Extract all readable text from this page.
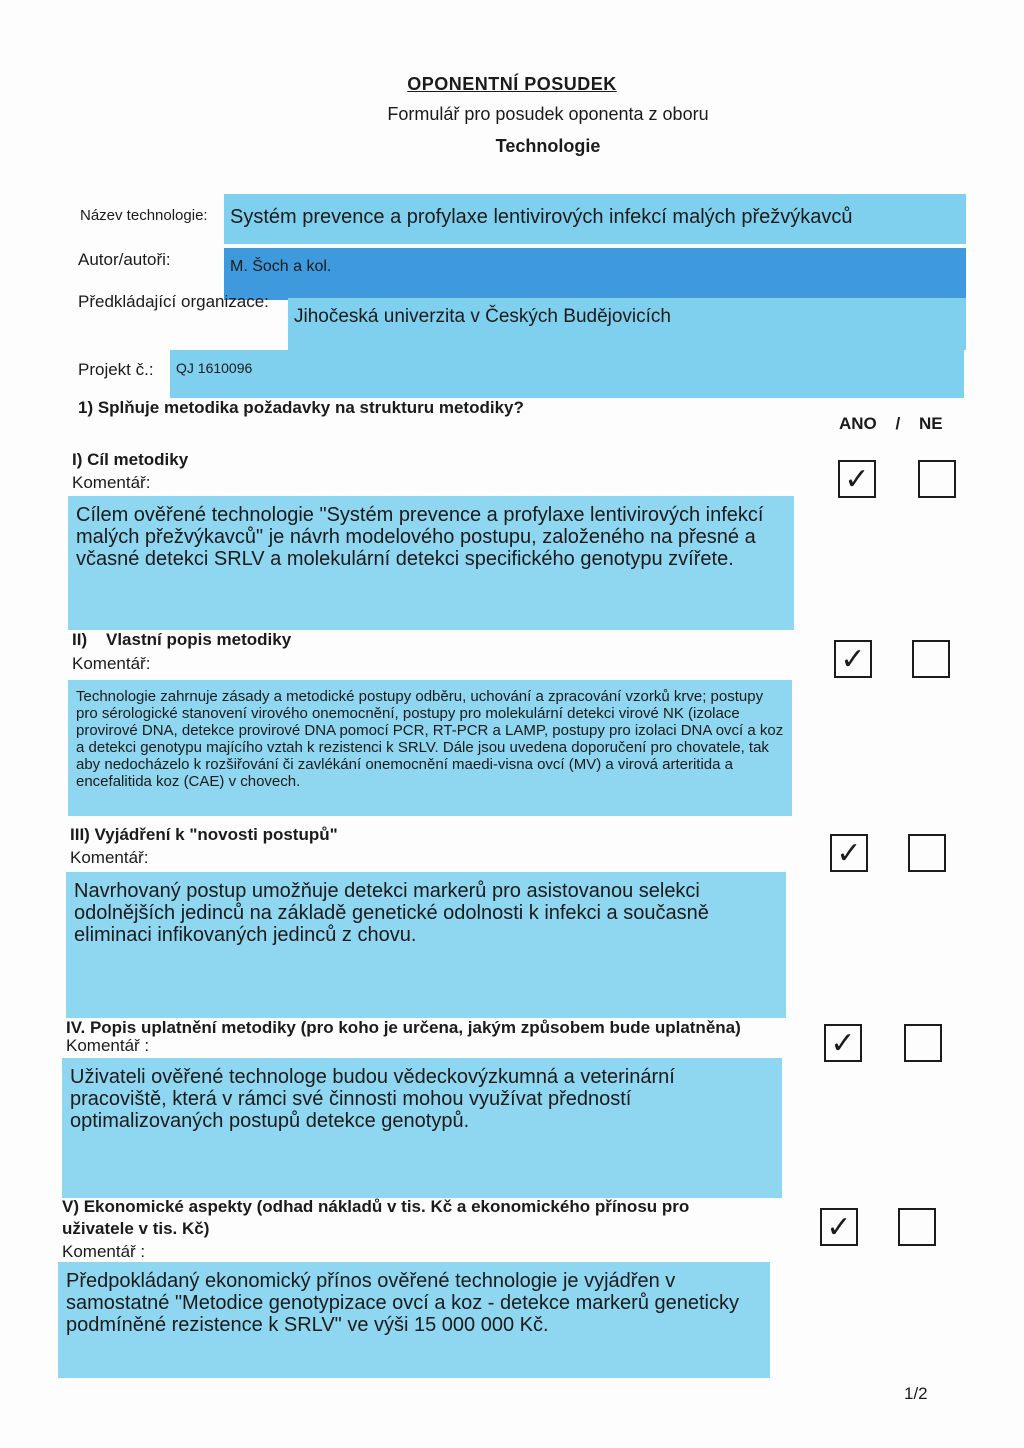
OPONENTNÍ POSUDEK
Formulář pro posudek oponenta z oboru
Technologie
Název technologie:	Systém prevence a profylaxe lentivirových infekcí malých přežvýkavců
Autor/autoři:	M. Šoch a kol.
Předkládající organizace:
Jihočeská univerzita v Českých Budějovicích
Projekt č.:	QJ 1610096
1) Splňuje metodika požadavky na strukturu metodiky?
ANO / NE
I) Cíl metodiky
Komentář:
Cílem ověřené technologie "Systém prevence a profylaxe lentivirových infekcí malých přežvýkavců" je návrh modelového postupu, založeného na přesné a včasné detekci SRLV a molekulární detekci specifického genotypu zvířete.
✓
II)    Vlastní popis metodiky
Komentář:
Technologie zahrnuje zásady a metodické postupy odběru, uchování a zpracování vzorků krve; postupy pro sérologické stanovení virového onemocnění, postupy pro molekulární detekci virové NK (izolace provirové DNA, detekce provirové DNA pomocí PCR, RT-PCR a LAMP, postupy pro izolaci DNA ovcí a koz a detekci genotypu majícího vztah k rezistenci k SRLV. Dále jsou uvedena doporučení pro chovatele, tak aby nedocházelo k rozšiřování či zavlékání onemocnění maedi-visna ovcí (MV) a virová arteritida a encefalitida koz (CAE) v chovech.
✓
III) Vyjádření k "novosti postupů"
Komentář:
Navrhovaný postup umožňuje detekci markerů pro asistovanou selekci odolnějších jedinců na základě genetické odolnosti k infekci a současně eliminaci infikovaných jedinců z chovu.
✓
IV. Popis uplatnění metodiky (pro koho je určena, jakým způsobem bude uplatněna)
Komentář :
Uživateli ověřené technologe budou vědeckovýzkumná a veterinární pracoviště, která v rámci své činnosti mohou využívat předností optimalizovaných postupů detekce genotypů.
✓
V) Ekonomické aspekty (odhad nákladů v tis. Kč a ekonomického přínosu pro uživatele v tis. Kč)
Komentář :
Předpokládaný ekonomický přínos ověřené technologie je vyjádřen v samostatné "Metodice genotypizace ovcí a koz - detekce markerů geneticky podmíněné rezistence k SRLV" ve výši 15 000 000 Kč.
✓
1/2
